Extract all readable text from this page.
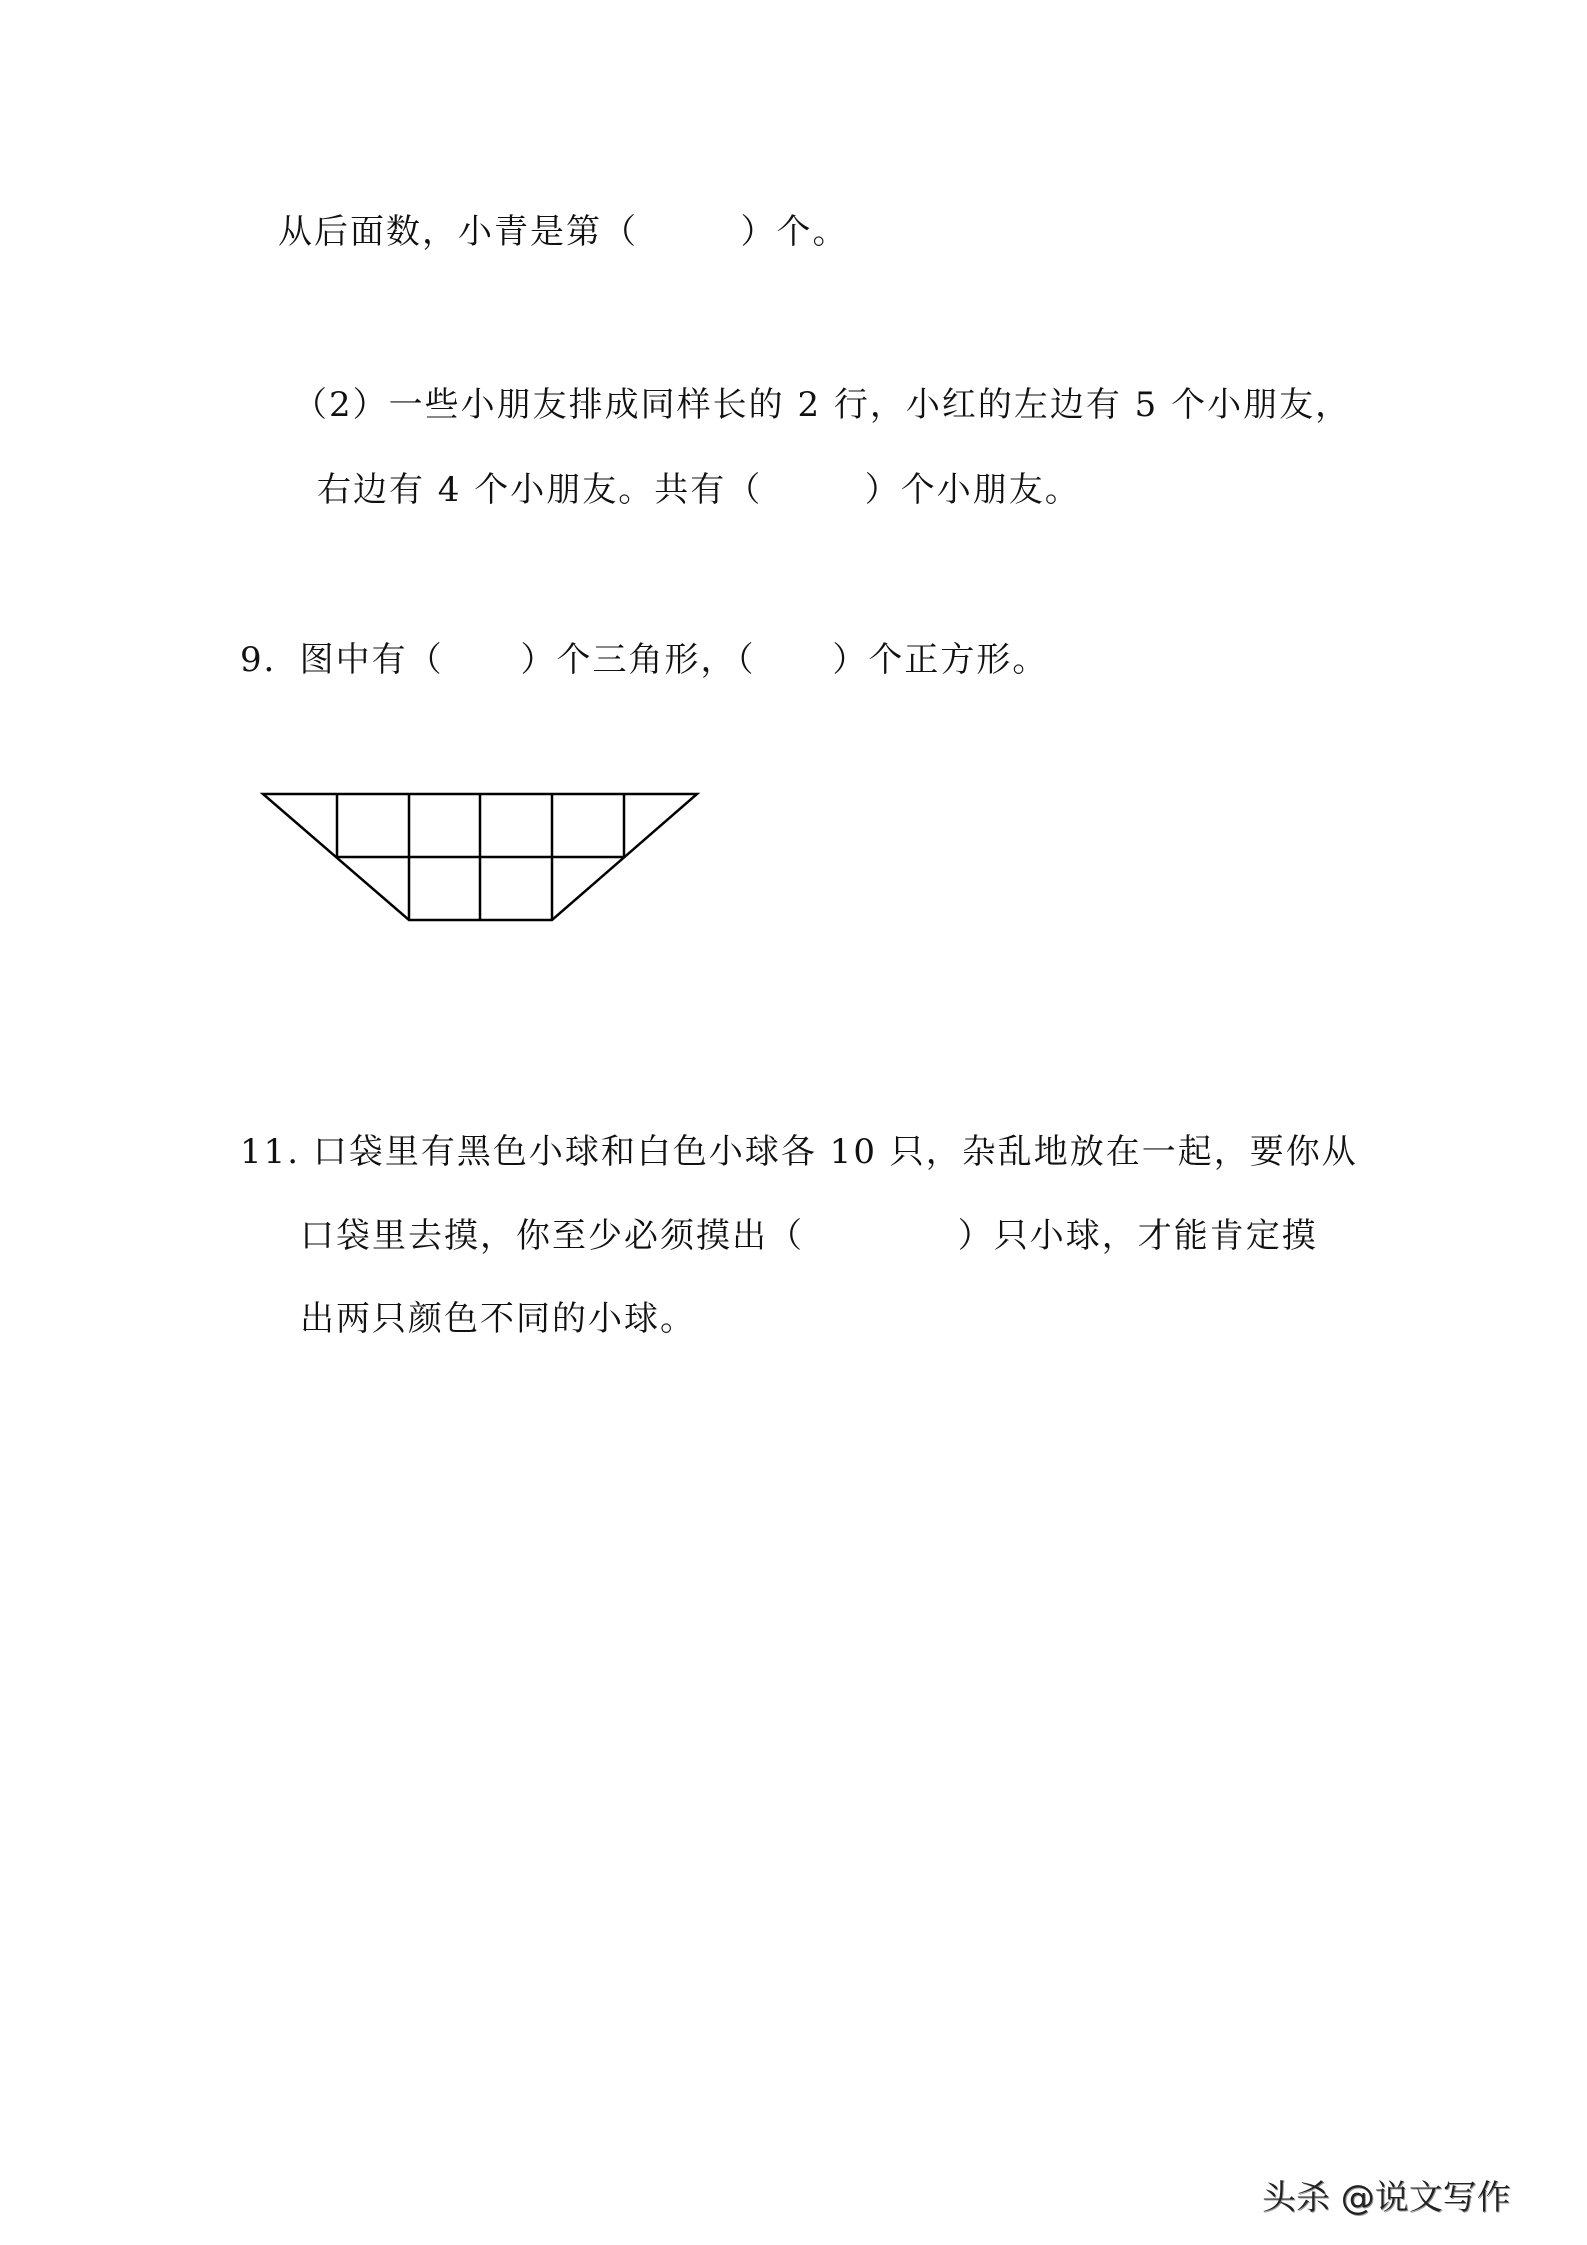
从后面数，小青是第（        ）个。
（2）一些小朋友排成同样长的 2 行，小红的左边有 5 个小朋友，
右边有 4 个小朋友。共有（        ）个小朋友。
9．图中有（      ）个三角形，（      ）个正方形。
11. 口袋里有黑色小球和白色小球各 10 只，杂乱地放在一起，要你从
口袋里去摸，你至少必须摸出（            ）只小球，才能肯定摸
出两只颜色不同的小球。
头杀 @说文写作
